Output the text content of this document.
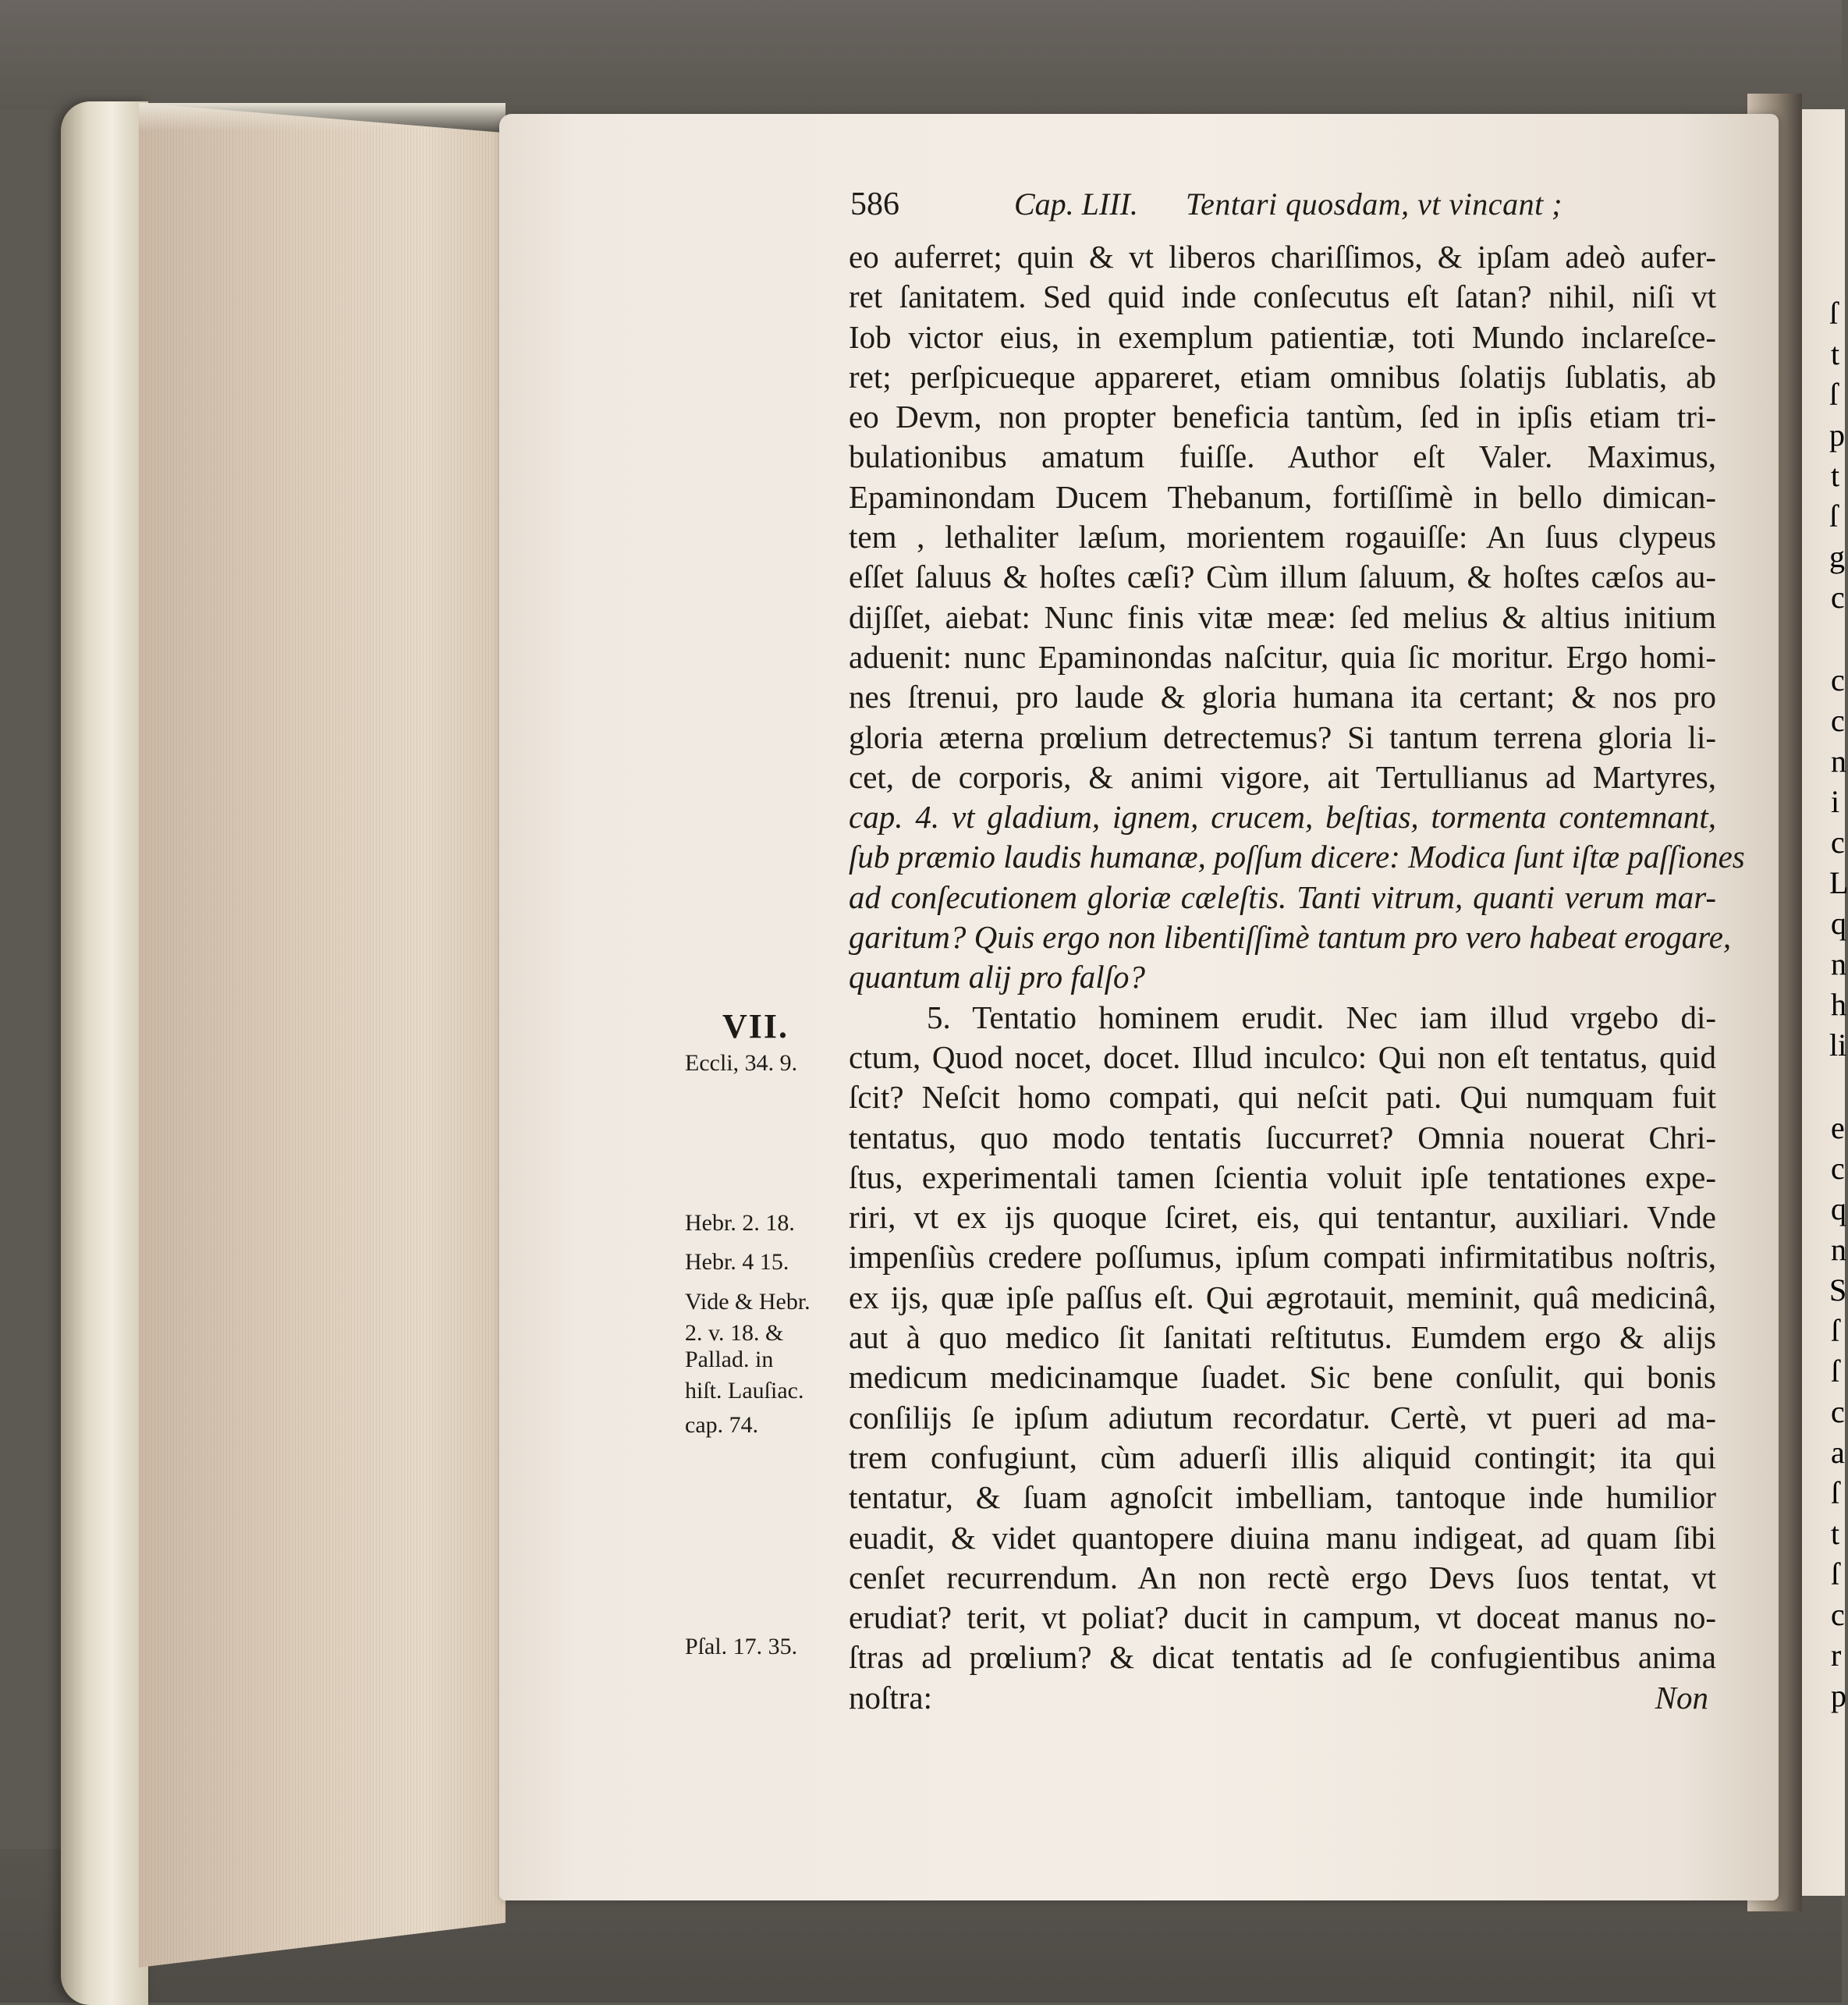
586	Cap. LIII. Tentari quosdam, vt vincant ;
eo auferret; quin & vt liberos chariſſimos, & ipſam adeò aufer-
ret ſanitatem. Sed quid inde conſecutus eſt ſatan? nihil, niſi vt
Iob victor eius, in exemplum patientiæ, toti Mundo inclareſce-
ret; perſpicueque appareret, etiam omnibus ſolatijs ſublatis, ab
eo Devm, non propter beneficia tantùm, ſed in ipſis etiam tri-
bulationibus amatum fuiſſe. Author eſt Valer. Maximus,
Epaminondam Ducem Thebanum, fortiſſimè in bello dimican-
tem , lethaliter læſum, morientem rogauiſſe: An ſuus clypeus
eſſet ſaluus & hoſtes cæſi? Cùm illum ſaluum, & hoſtes cæſos au-
dijſſet, aiebat: Nunc finis vitæ meæ: ſed melius & altius initium
aduenit: nunc Epaminondas naſcitur, quia ſic moritur. Ergo homi-
nes ſtrenui, pro laude & gloria humana ita certant; & nos pro
gloria æterna prœlium detrectemus? Si tantum terrena gloria li-
cet, de corporis, & animi vigore, ait Tertullianus ad Martyres,
cap. 4. vt gladium, ignem, crucem, beſtias, tormenta contemnant,
ſub præmio laudis humanæ, poſſum dicere: Modica ſunt iſtæ paſſiones
ad conſecutionem gloriæ cæleſtis. Tanti vitrum, quanti verum mar-
garitum? Quis ergo non libentiſſimè tantum pro vero habeat erogare,
quantum alij pro falſo?
5. Tentatio hominem erudit. Nec iam illud vrgebo di-
ctum, Quod nocet, docet. Illud inculco: Qui non eſt tentatus, quid
ſcit? Neſcit homo compati, qui neſcit pati. Qui numquam fuit
tentatus, quo modo tentatis ſuccurret? Omnia nouerat Chri-
ſtus, experimentali tamen ſcientia voluit ipſe tentationes expe-
riri, vt ex ijs quoque ſciret, eis, qui tentantur, auxiliari. Vnde
impenſiùs credere poſſumus, ipſum compati infirmitatibus noſtris,
ex ijs, quæ ipſe paſſus eſt. Qui ægrotauit, meminit, quâ medicinâ,
aut à quo medico ſit ſanitati reſtitutus. Eumdem ergo & alijs
medicum medicinamque ſuadet. Sic bene conſulit, qui bonis
conſilijs ſe ipſum adiutum recordatur. Certè, vt pueri ad ma-
trem confugiunt, cùm aduerſi illis aliquid contingit; ita qui
tentatur, & ſuam agnoſcit imbelliam, tantoque inde humilior
euadit, & videt quantopere diuina manu indigeat, ad quam ſibi
cenſet recurrendum. An non rectè ergo Devs ſuos tentat, vt
erudiat? terit, vt poliat? ducit in campum, vt doceat manus no-
ſtras ad prœlium? & dicat tentatis ad ſe confugientibus anima
noſtra:	Non
VII.
Eccli, 34. 9.
Hebr. 2. 18.
Hebr. 4 15.
Vide & Hebr.
2. v. 18. &
Pallad. in
hiſt. Lauſiac.
cap. 74.
Pſal. 17. 35.
ſ
t
ſ
p
t
ſ
g
c
c
c
n
i
c
L
q
n
h
li
e
c
q
n
S
ſ
ſ
c
a
ſ
t
ſ
c
r
p
